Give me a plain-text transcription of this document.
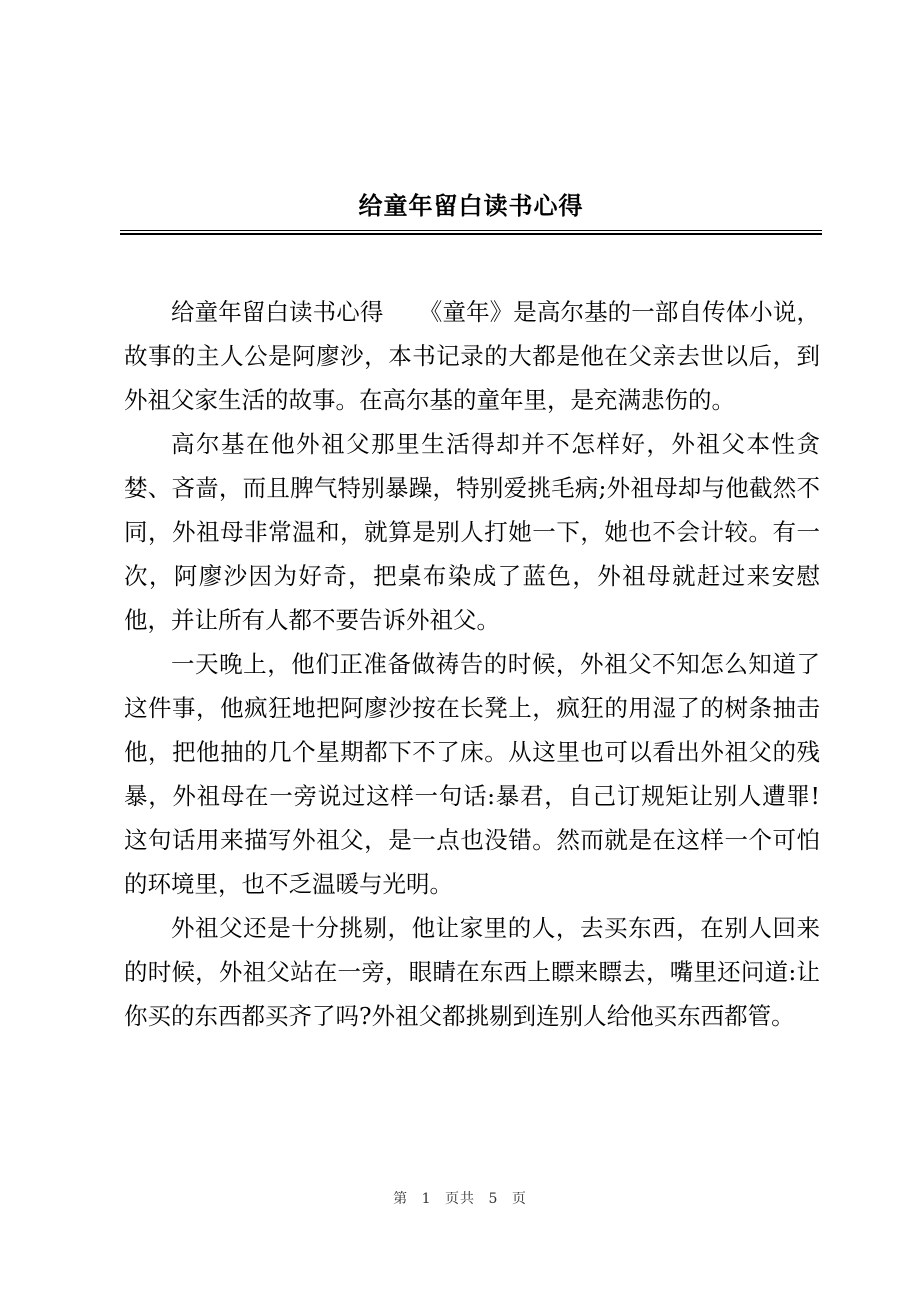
给童年留白读书心得

给童年留白读书心得　　《童年》是高尔基的一部自传体小说，故事的主人公是阿廖沙，本书记录的大都是他在父亲去世以后，到外祖父家生活的故事。在高尔基的童年里，是充满悲伤的。

高尔基在他外祖父那里生活得却并不怎样好，外祖父本性贪婪、吝啬，而且脾气特别暴躁，特别爱挑毛病;外祖母却与他截然不同，外祖母非常温和，就算是别人打她一下，她也不会计较。有一次，阿廖沙因为好奇，把桌布染成了蓝色，外祖母就赶过来安慰他，并让所有人都不要告诉外祖父。

一天晚上，他们正准备做祷告的时候，外祖父不知怎么知道了这件事，他疯狂地把阿廖沙按在长凳上，疯狂的用湿了的树条抽击他，把他抽的几个星期都下不了床。从这里也可以看出外祖父的残暴，外祖母在一旁说过这样一句话:暴君，自己订规矩让别人遭罪!这句话用来描写外祖父，是一点也没错。然而就是在这样一个可怕的环境里，也不乏温暖与光明。

外祖父还是十分挑剔，他让家里的人，去买东西，在别人回来的时候，外祖父站在一旁，眼睛在东西上瞟来瞟去，嘴里还问道:让你买的东西都买齐了吗?外祖父都挑剔到连别人给他买东西都管。

第 1 页共 5 页
